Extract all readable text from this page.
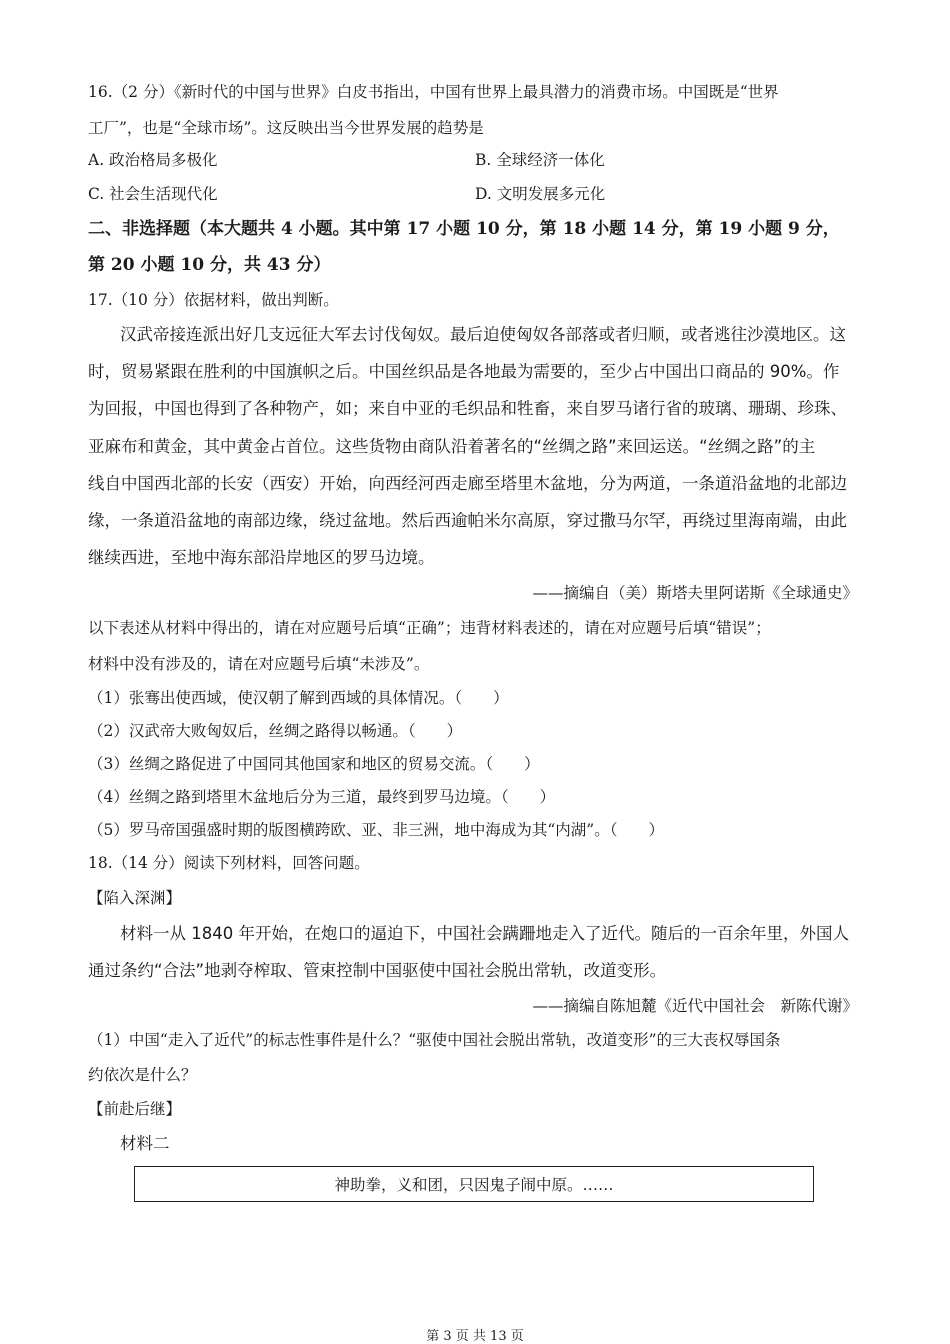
16.（2 分）《新时代的中国与世界》白皮书指出，中国有世界上最具潜力的消费市场。中国既是“世界
工厂”，也是“全球市场”。这反映出当今世界发展的趋势是
A. 政治格局多极化	B. 全球经济一体化
C. 社会生活现代化	D. 文明发展多元化
二、非选择题（本大题共 4 小题。其中第 17 小题 10 分，第 18 小题 14 分，第 19 小题 9 分，
第 20 小题 10 分，共 43 分）
17.（10 分）依据材料，做出判断。
汉武帝接连派出好几支远征大军去讨伐匈奴。最后迫使匈奴各部落或者归顺，或者逃往沙漠地区。这
时，贸易紧跟在胜利的中国旗帜之后。中国丝织品是各地最为需要的，至少占中国出口商品的 90%。作
为回报，中国也得到了各种物产，如；来自中亚的毛织品和牲畜，来自罗马诸行省的玻璃、珊瑚、珍珠、
亚麻布和黄金，其中黄金占首位。这些货物由商队沿着著名的“丝绸之路”来回运送。“丝绸之路”的主
线自中国西北部的长安（西安）开始，向西经河西走廊至塔里木盆地，分为两道，一条道沿盆地的北部边
缘，一条道沿盆地的南部边缘，绕过盆地。然后西逾帕米尔高原，穿过撒马尔罕，再绕过里海南端，由此
继续西进，至地中海东部沿岸地区的罗马边境。
——摘编自（美）斯塔夫里阿诺斯《全球通史》
以下表述从材料中得出的，请在对应题号后填“正确”；违背材料表述的，请在对应题号后填“错误”；
材料中没有涉及的，请在对应题号后填“未涉及”。
（1）张骞出使西域，使汉朝了解到西域的具体情况。（　　）
（2）汉武帝大败匈奴后，丝绸之路得以畅通。（　　）
（3）丝绸之路促进了中国同其他国家和地区的贸易交流。（　　）
（4）丝绸之路到塔里木盆地后分为三道，最终到罗马边境。（　　）
（5）罗马帝国强盛时期的版图横跨欧、亚、非三洲，地中海成为其“内湖”。（　　）
18.（14 分）阅读下列材料，回答问题。
【陷入深渊】
材料一从 1840 年开始，在炮口的逼迫下，中国社会蹒跚地走入了近代。随后的一百余年里，外国人
通过条约“合法”地剥夺榨取、管束控制中国驱使中国社会脱出常轨，改道变形。
——摘编自陈旭麓《近代中国社会　新陈代谢》
（1）中国“走入了近代”的标志性事件是什么？“驱使中国社会脱出常轨，改道变形”的三大丧权辱国条
约依次是什么？
【前赴后继】
材料二
神助拳，义和团，只因鬼子闹中原。……
第 3 页 共 13 页
